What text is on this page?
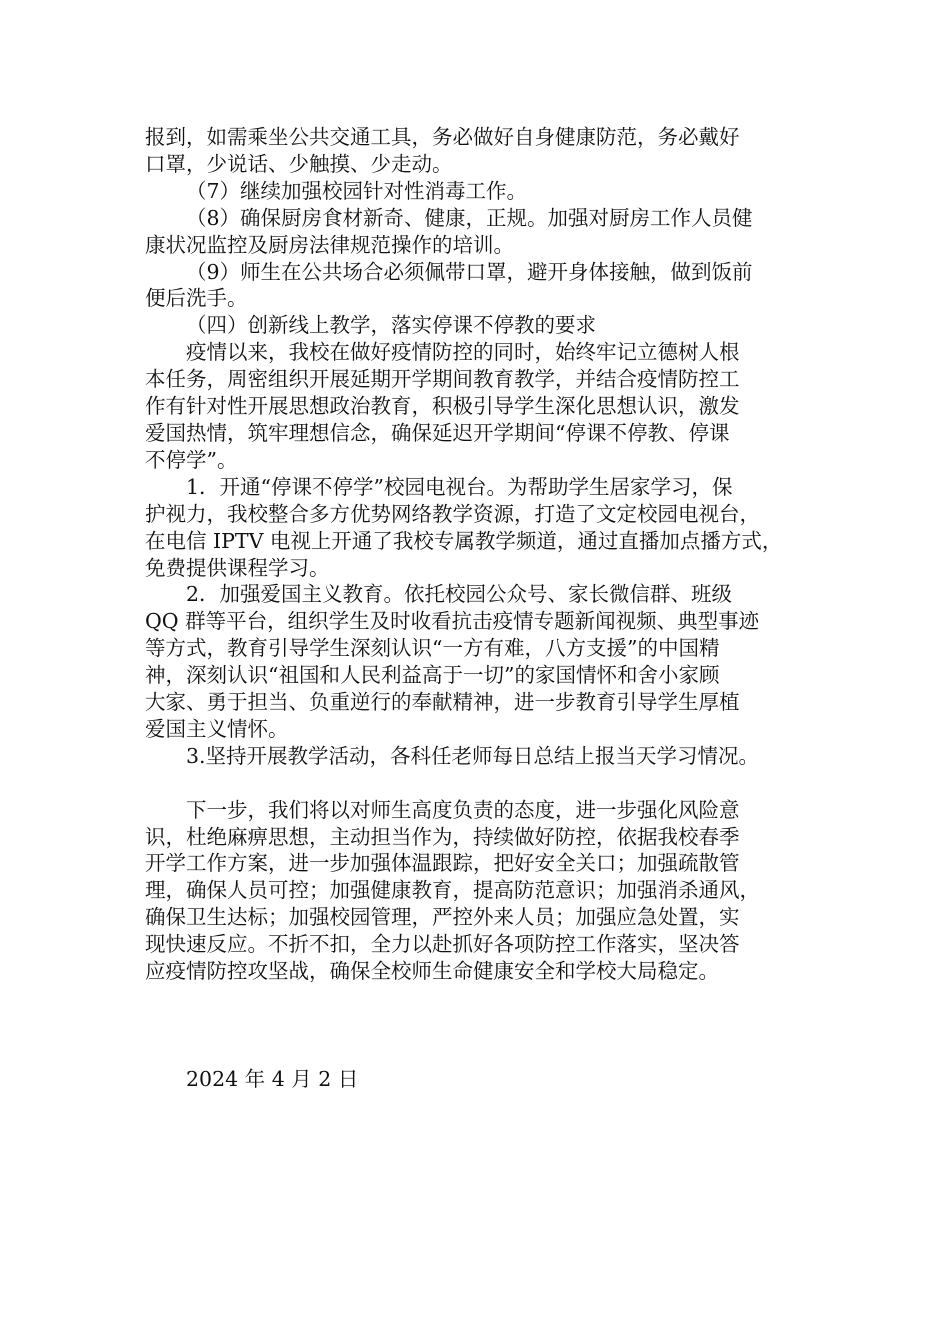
报到，如需乘坐公共交通工具，务必做好自身健康防范，务必戴好
口罩，少说话、少触摸、少走动。

（7）继续加强校园针对性消毒工作。

（8）确保厨房食材新奇、健康，正规。加强对厨房工作人员健
康状况监控及厨房法律规范操作的培训。

（9）师生在公共场合必须佩带口罩，避开身体接触，做到饭前
便后洗手。

（四）创新线上教学，落实停课不停教的要求

疫情以来，我校在做好疫情防控的同时，始终牢记立德树人根
本任务，周密组织开展延期开学期间教育教学，并结合疫情防控工
作有针对性开展思想政治教育，积极引导学生深化思想认识，激发
爱国热情，筑牢理想信念，确保延迟开学期间“停课不停教、停课
不停学”。

1．开通“停课不停学”校园电视台。为帮助学生居家学习，保
护视力，我校整合多方优势网络教学资源，打造了文定校园电视台，
在电信 IPTV 电视上开通了我校专属教学频道，通过直播加点播方式，
免费提供课程学习。

2．加强爱国主义教育。依托校园公众号、家长微信群、班级
QQ 群等平台，组织学生及时收看抗击疫情专题新闻视频、典型事迹
等方式，教育引导学生深刻认识“一方有难，八方支援”的中国精
神，深刻认识“祖国和人民利益高于一切”的家国情怀和舍小家顾
大家、勇于担当、负重逆行的奉献精神，进一步教育引导学生厚植
爱国主义情怀。

3.坚持开展教学活动，各科任老师每日总结上报当天学习情况。

下一步，我们将以对师生高度负责的态度，进一步强化风险意
识，杜绝麻痹思想，主动担当作为，持续做好防控，依据我校春季
开学工作方案，进一步加强体温跟踪，把好安全关口；加强疏散管
理，确保人员可控；加强健康教育，提高防范意识；加强消杀通风，
确保卫生达标；加强校园管理，严控外来人员；加强应急处置，实
现快速反应。不折不扣，全力以赴抓好各项防控工作落实，坚决答
应疫情防控攻坚战，确保全校师生命健康安全和学校大局稳定。

2024 年 4 月 2 日
